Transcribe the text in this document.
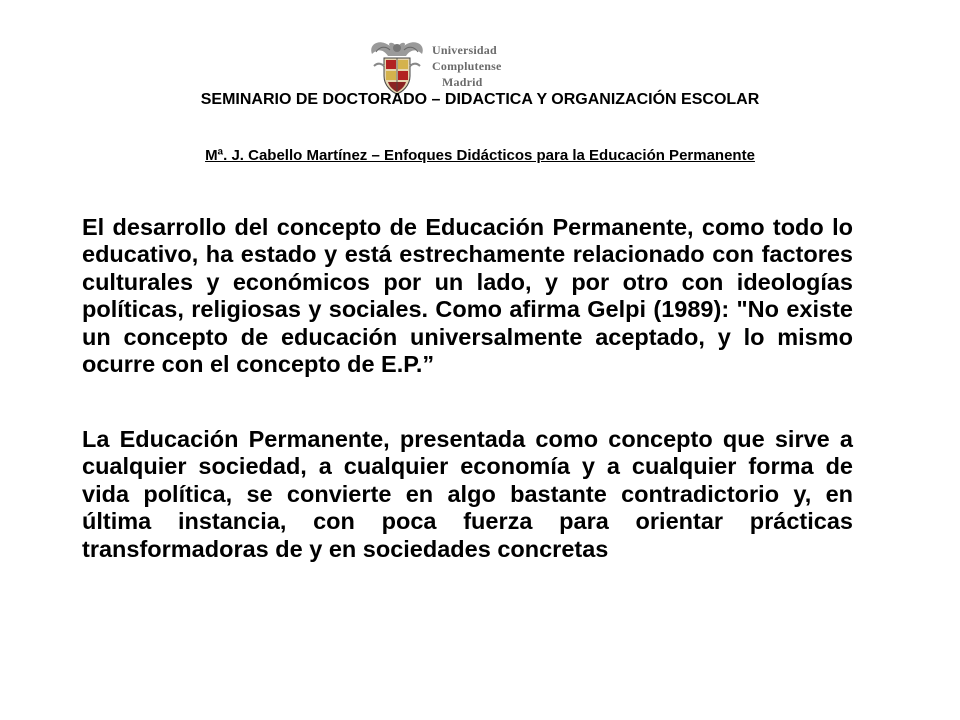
Universidad
Complutense
Madrid
SEMINARIO DE DOCTORADO – DIDACTICA Y ORGANIZACIÓN ESCOLAR
Mª. J. Cabello Martínez – Enfoques Didácticos para la Educación Permanente
El desarrollo del concepto de Educación Permanente, como todo lo educativo, ha estado y está estrechamente relacionado con factores culturales y económicos por un lado, y por otro con ideologías políticas, religiosas y sociales. Como afirma Gelpi (1989): "No existe un concepto de educación universalmente aceptado, y lo mismo ocurre con el concepto de E.P.”
La Educación Permanente, presentada como concepto que sirve a cualquier sociedad, a cualquier economía y a cualquier forma de vida política, se convierte en algo bastante contradictorio y, en última instancia, con poca fuerza para orientar prácticas transformadoras de y en sociedades concretas
